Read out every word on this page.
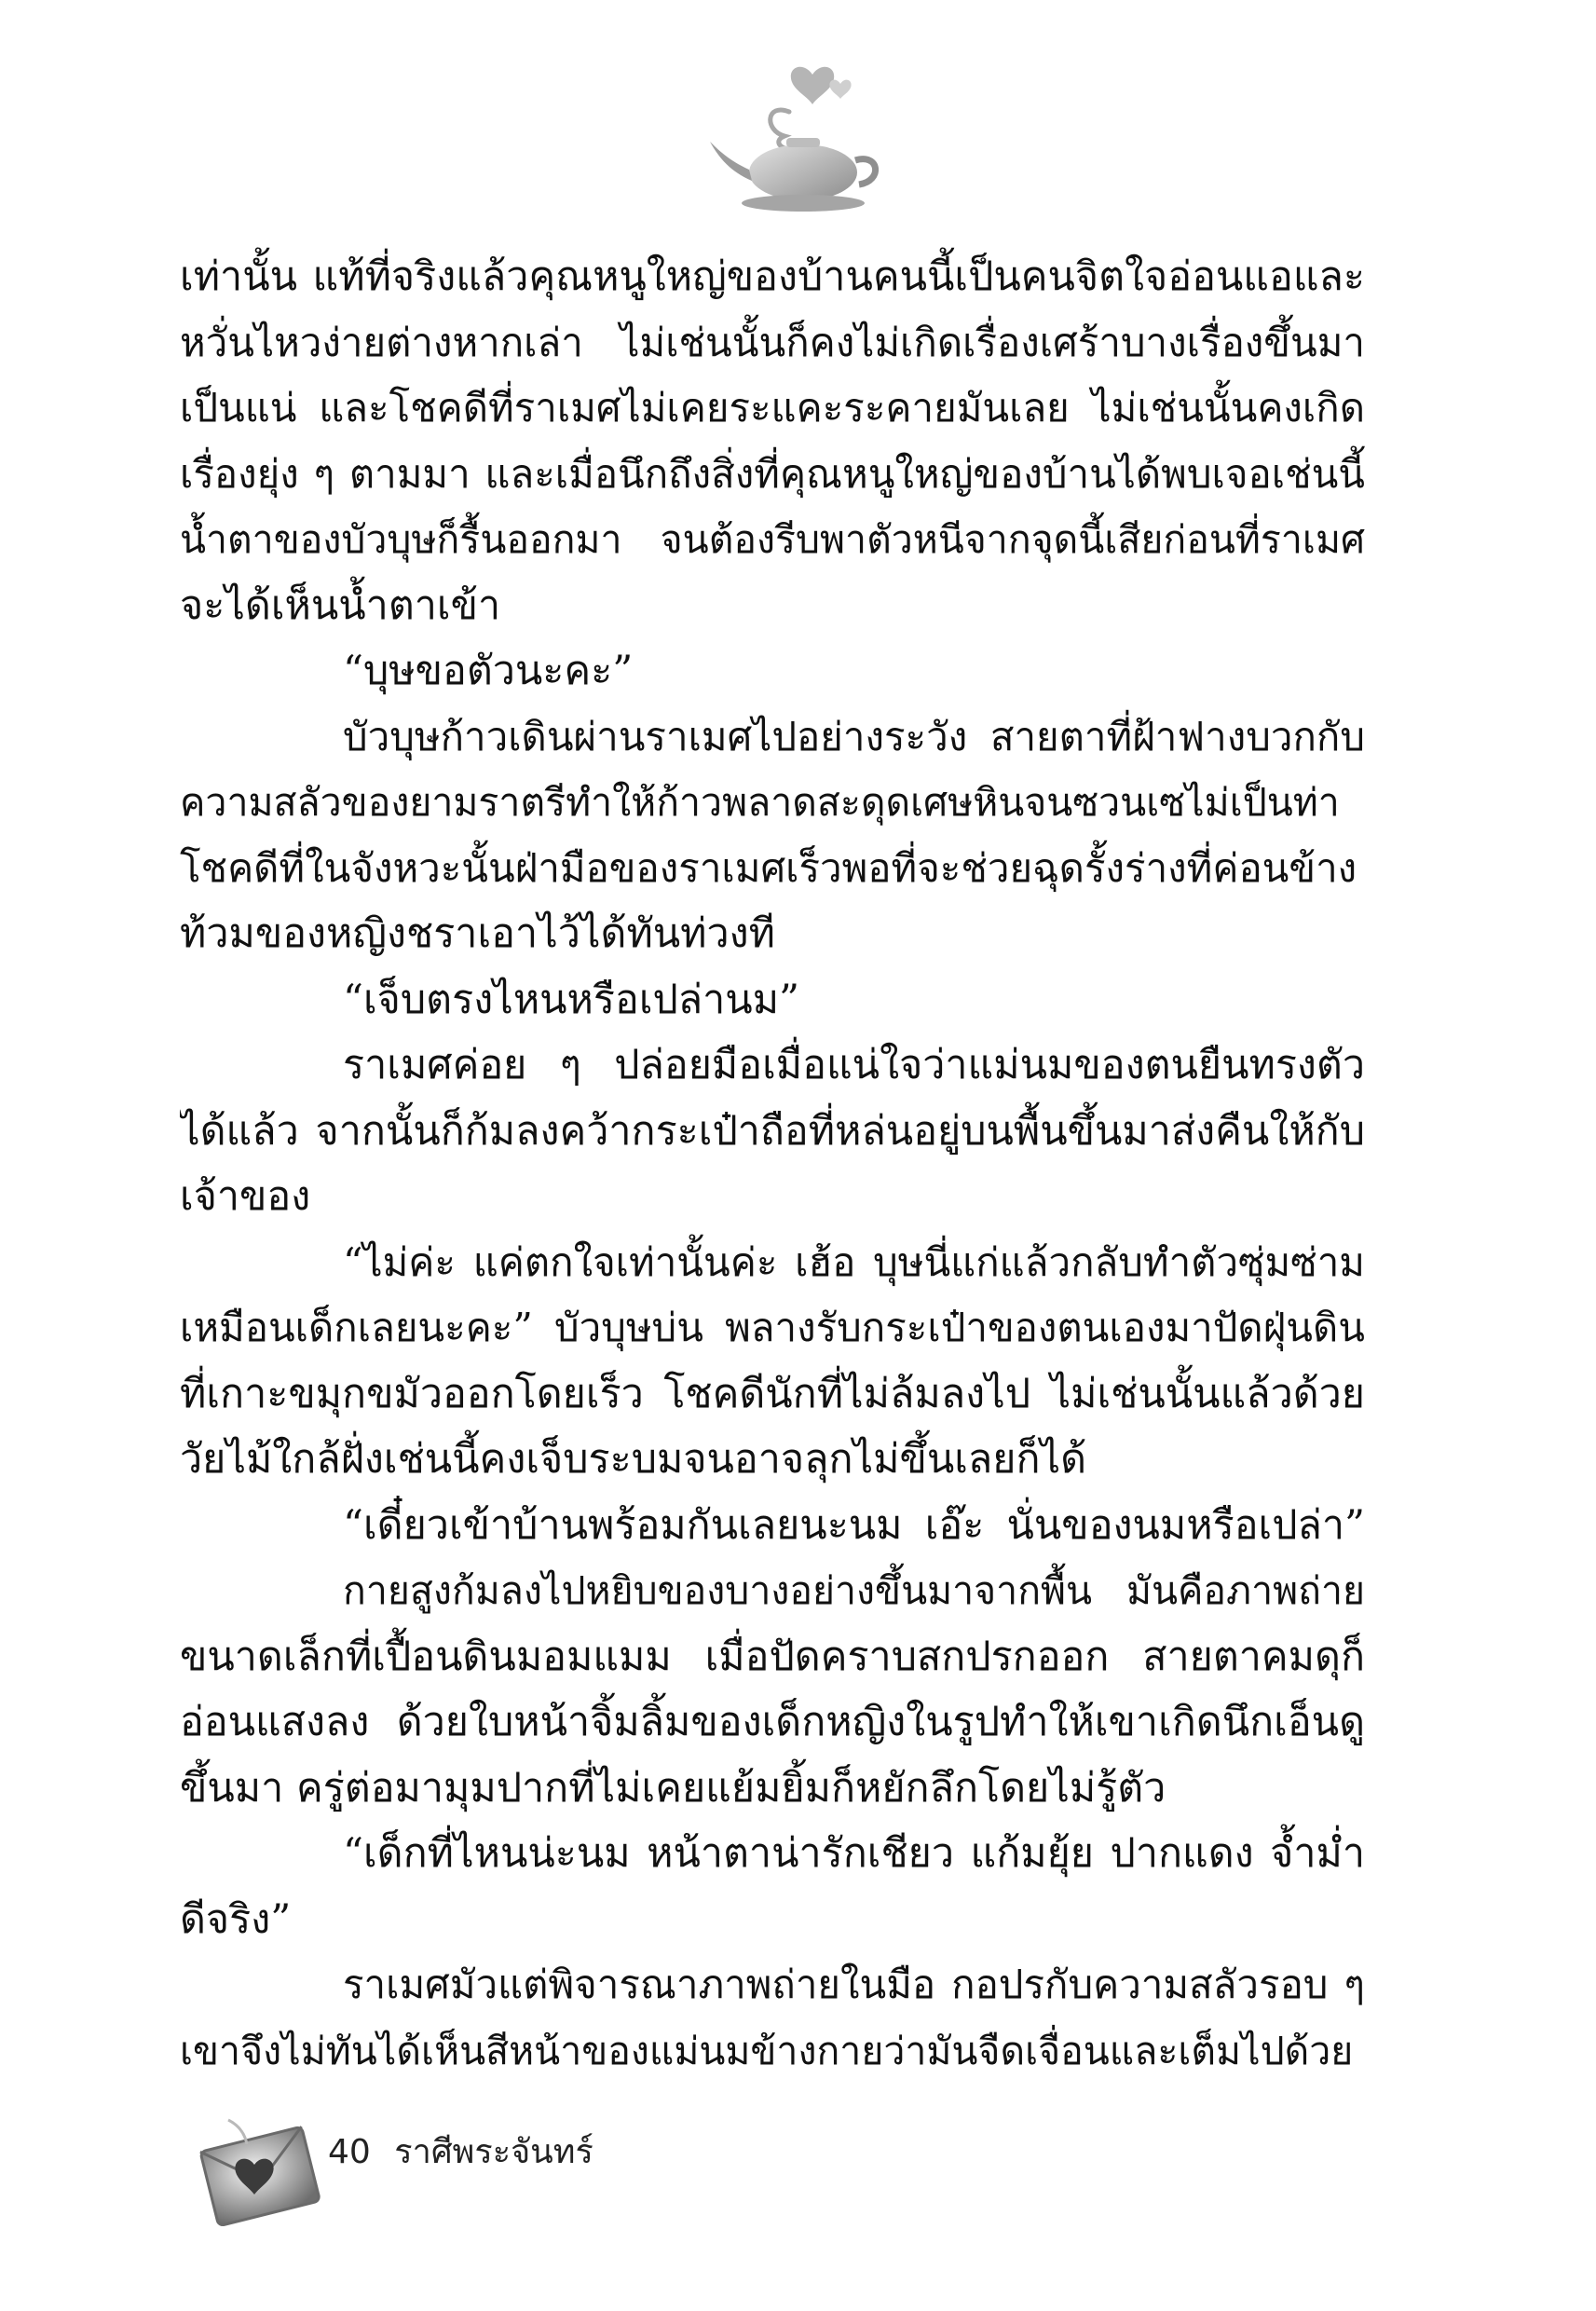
เท่านั้น แท้ที่จริงแล้วคุณหนูใหญ่ของบ้านคนนี้เป็นคนจิตใจอ่อนแอและ
หวั่นไหวง่ายต่างหากเล่า ไม่เช่นนั้นก็คงไม่เกิดเรื่องเศร้าบางเรื่องขึ้นมา
เป็นแน่ และโชคดีที่ราเมศไม่เคยระแคะระคายมันเลย ไม่เช่นนั้นคงเกิด
เรื่องยุ่ง ๆ ตามมา และเมื่อนึกถึงสิ่งที่คุณหนูใหญ่ของบ้านได้พบเจอเช่นนี้
น้ำตาของบัวบุษก็รื้นออกมา จนต้องรีบพาตัวหนีจากจุดนี้เสียก่อนที่ราเมศ
จะได้เห็นน้ำตาเข้า
“บุษขอตัวนะคะ”
บัวบุษก้าวเดินผ่านราเมศไปอย่างระวัง สายตาที่ฝ้าฟางบวกกับ
ความสลัวของยามราตรีทำให้ก้าวพลาดสะดุดเศษหินจนซวนเซไม่เป็นท่า
โชคดีที่ในจังหวะนั้นฝ่ามือของราเมศเร็วพอที่จะช่วยฉุดรั้งร่างที่ค่อนข้าง
ท้วมของหญิงชราเอาไว้ได้ทันท่วงที
“เจ็บตรงไหนหรือเปล่านม”
ราเมศค่อย ๆ ปล่อยมือเมื่อแน่ใจว่าแม่นมของตนยืนทรงตัว
ได้แล้ว จากนั้นก็ก้มลงคว้ากระเป๋าถือที่หล่นอยู่บนพื้นขึ้นมาส่งคืนให้กับ
เจ้าของ
“ไม่ค่ะ แค่ตกใจเท่านั้นค่ะ เฮ้อ บุษนี่แก่แล้วกลับทำตัวซุ่มซ่าม
เหมือนเด็กเลยนะคะ” บัวบุษบ่น พลางรับกระเป๋าของตนเองมาปัดฝุ่นดิน
ที่เกาะขมุกขมัวออกโดยเร็ว โชคดีนักที่ไม่ล้มลงไป ไม่เช่นนั้นแล้วด้วย
วัยไม้ใกล้ฝั่งเช่นนี้คงเจ็บระบมจนอาจลุกไม่ขึ้นเลยก็ได้
“เดี๋ยวเข้าบ้านพร้อมกันเลยนะนม เอ๊ะ นั่นของนมหรือเปล่า”
กายสูงก้มลงไปหยิบของบางอย่างขึ้นมาจากพื้น มันคือภาพถ่าย
ขนาดเล็กที่เปื้อนดินมอมแมม เมื่อปัดคราบสกปรกออก สายตาคมดุก็
อ่อนแสงลง ด้วยใบหน้าจิ้มลิ้มของเด็กหญิงในรูปทำให้เขาเกิดนึกเอ็นดู
ขึ้นมา ครู่ต่อมามุมปากที่ไม่เคยแย้มยิ้มก็หยักลึกโดยไม่รู้ตัว
“เด็กที่ไหนน่ะนม หน้าตาน่ารักเชียว แก้มยุ้ย ปากแดง จ้ำม่ำ
ดีจริง”
ราเมศมัวแต่พิจารณาภาพถ่ายในมือ กอปรกับความสลัวรอบ ๆ
เขาจึงไม่ทันได้เห็นสีหน้าของแม่นมข้างกายว่ามันจืดเจื่อนและเต็มไปด้วย
40 ราศีพระจันทร์
